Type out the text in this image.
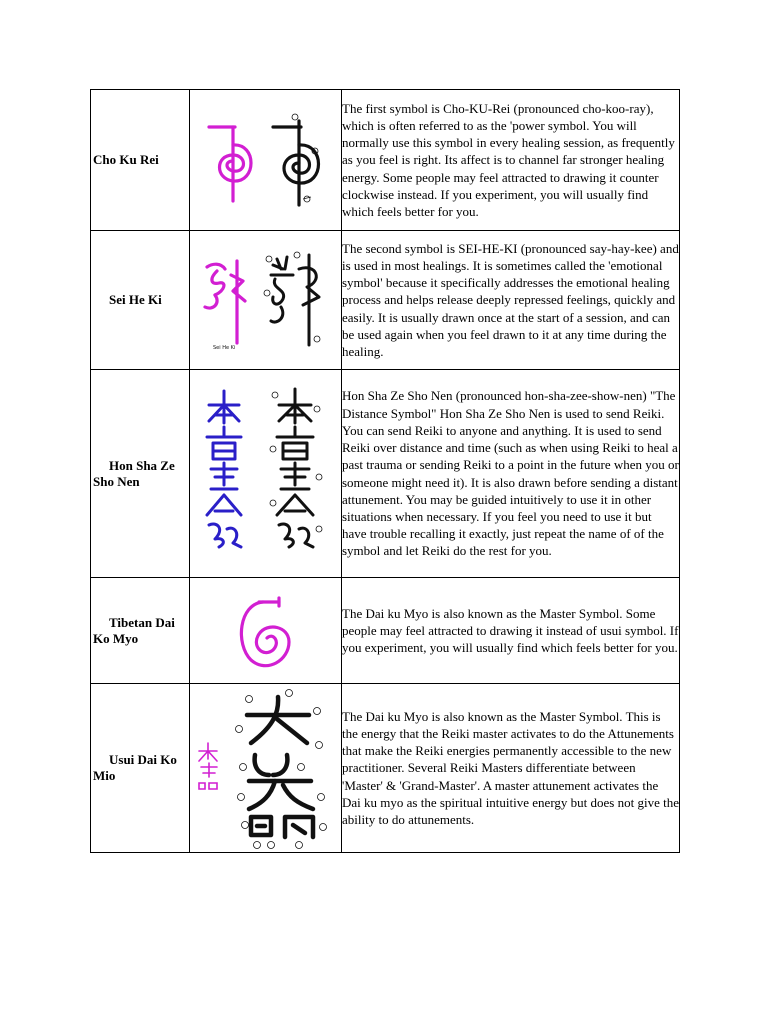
Cho Ku Rei		The first symbol is Cho-KU-Rei (pronounced cho-koo-ray), which is often referred to as the 'power symbol. You will normally use this symbol in every healing session, as frequently as you feel is right. Its affect is to channel far stronger healing energy. Some people may feel attracted to drawing it counter clockwise instead. If you experiment, you will usually find which feels better for you.

Sei He Ki	Sei He Ki	The second symbol is SEI-HE-KI (pronounced say-hay-kee) and is used in most healings. It is sometimes called the 'emotional symbol' because it specifically addresses the emotional healing process and helps release deeply repressed feelings, quickly and easily. It is usually drawn once at the start of a session, and can be used again when you feel drawn to it at any time during the healing.

Hon Sha Ze Sho Nen		Hon Sha Ze Sho Nen (pronounced hon-sha-zee-show-nen) "The Distance Symbol" Hon Sha Ze Sho Nen is used to send Reiki. You can send Reiki to anyone and anything. It is used to send Reiki over distance and time (such as when using Reiki to heal a past trauma or sending Reiki to a point in the future when you or someone might need it). It is also drawn before sending a distant attunement. You may be guided intuitively to use it in other situations when necessary. If you feel you need to use it but have trouble recalling it exactly, just repeat the name of of the symbol and let Reiki do the rest for you.

Tibetan Dai Ko Myo		The Dai ku Myo is also known as the Master Symbol. Some people may feel attracted to drawing it instead of usui symbol. If you experiment, you will usually find which feels better for you.

Usui Dai Ko Mio		The Dai ku Myo is also known as the Master Symbol. This is the energy that the Reiki master activates to do the Attunements that make the Reiki energies permanently accessible to the new practitioner. Several Reiki Masters differentiate between 'Master' & 'Grand-Master'. A master attunement activates the Dai ku myo as the spiritual intuitive energy but does not give the ability to do attunements.
